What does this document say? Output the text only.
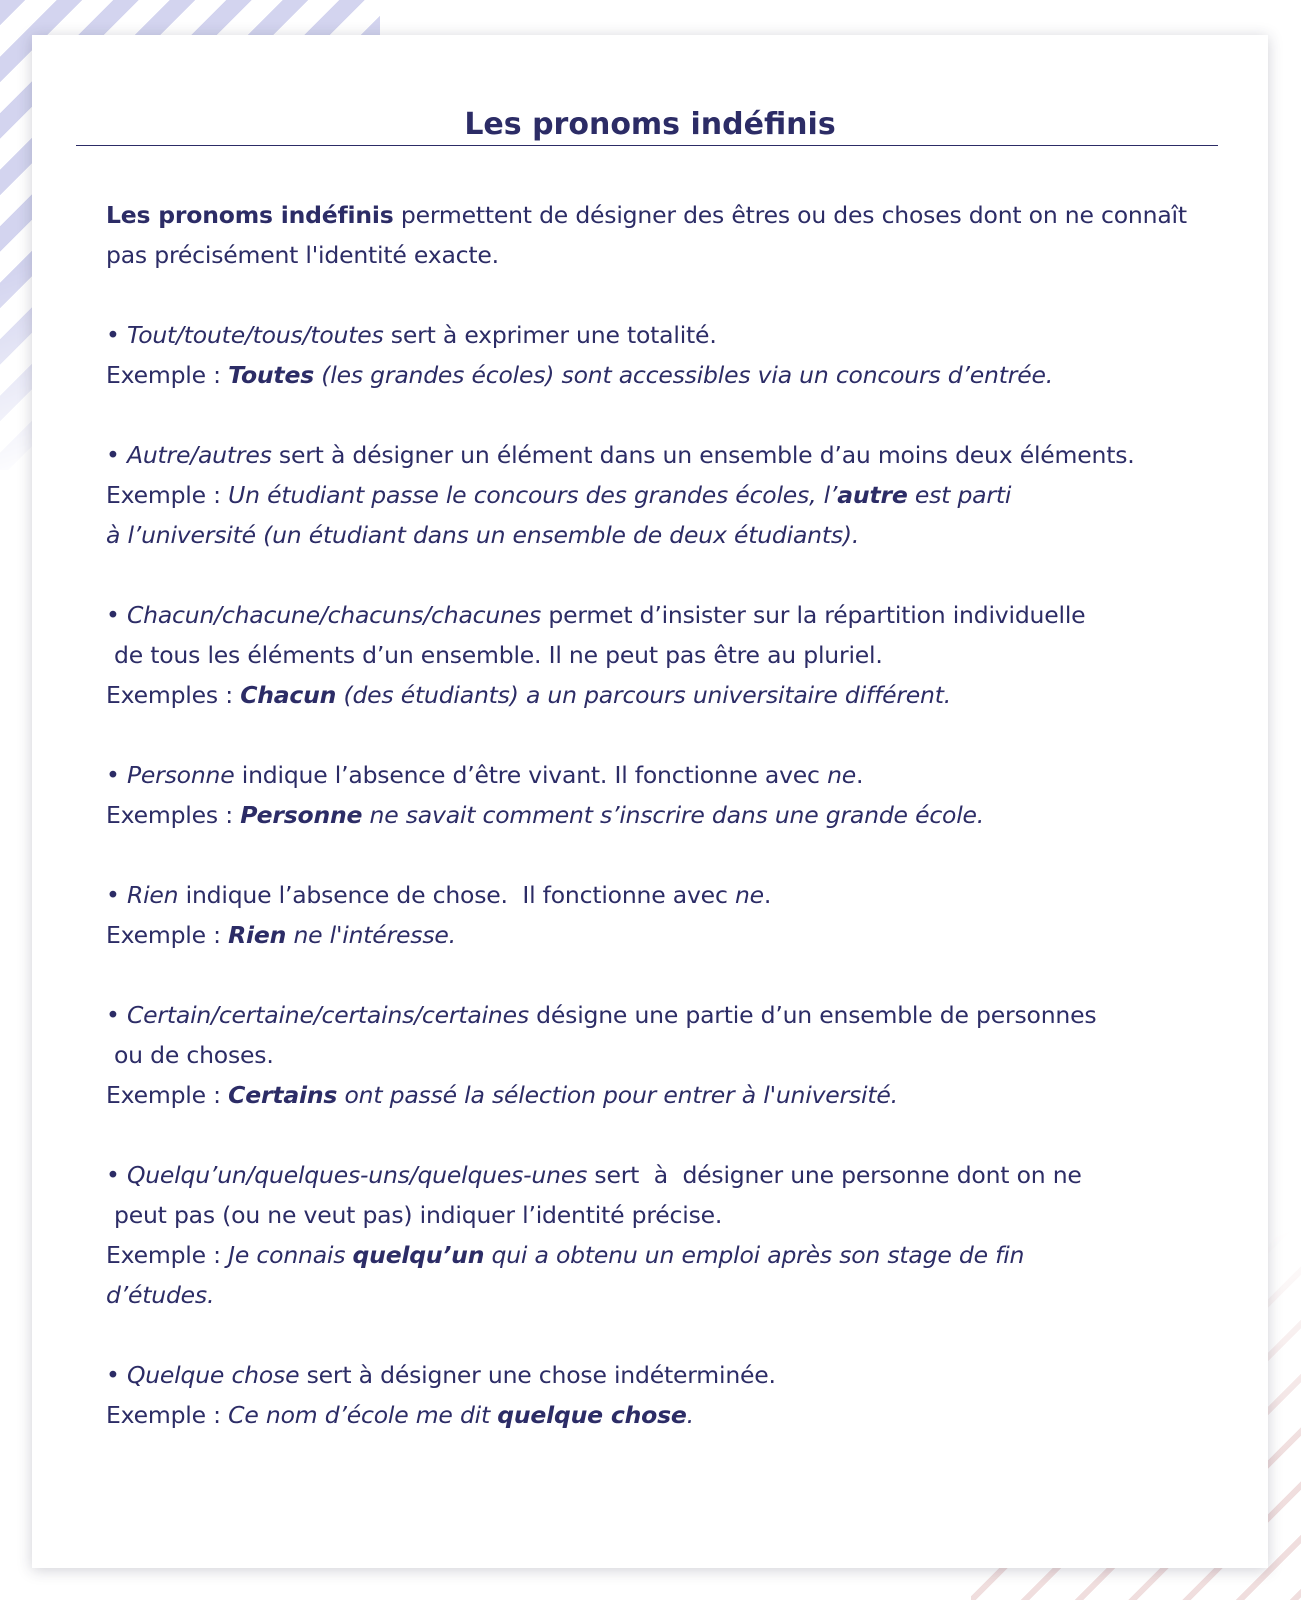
Les pronoms indéfinis

Les pronoms indéfinis permettent de désigner des êtres ou des choses dont on ne connaît pas précisément l'identité exacte.

• Tout/toute/tous/toutes sert à exprimer une totalité.
Exemple : Toutes (les grandes écoles) sont accessibles via un concours d’entrée.

• Autre/autres sert à désigner un élément dans un ensemble d’au moins deux éléments.
Exemple : Un étudiant passe le concours des grandes écoles, l’autre est parti
à l’université (un étudiant dans un ensemble de deux étudiants).

• Chacun/chacune/chacuns/chacunes permet d’insister sur la répartition individuelle
de tous les éléments d’un ensemble. Il ne peut pas être au pluriel.
Exemples : Chacun (des étudiants) a un parcours universitaire différent.

• Personne indique l’absence d’être vivant. Il fonctionne avec ne.
Exemples : Personne ne savait comment s’inscrire dans une grande école.

• Rien indique l’absence de chose.  Il fonctionne avec ne.
Exemple : Rien ne l'intéresse.

• Certain/certaine/certains/certaines désigne une partie d’un ensemble de personnes
ou de choses.
Exemple : Certains ont passé la sélection pour entrer à l'université.

• Quelqu’un/quelques-uns/quelques-unes sert  à  désigner une personne dont on ne
peut pas (ou ne veut pas) indiquer l’identité précise.
Exemple : Je connais quelqu’un qui a obtenu un emploi après son stage de fin
d’études.

• Quelque chose sert à désigner une chose indéterminée.
Exemple : Ce nom d’école me dit quelque chose.
